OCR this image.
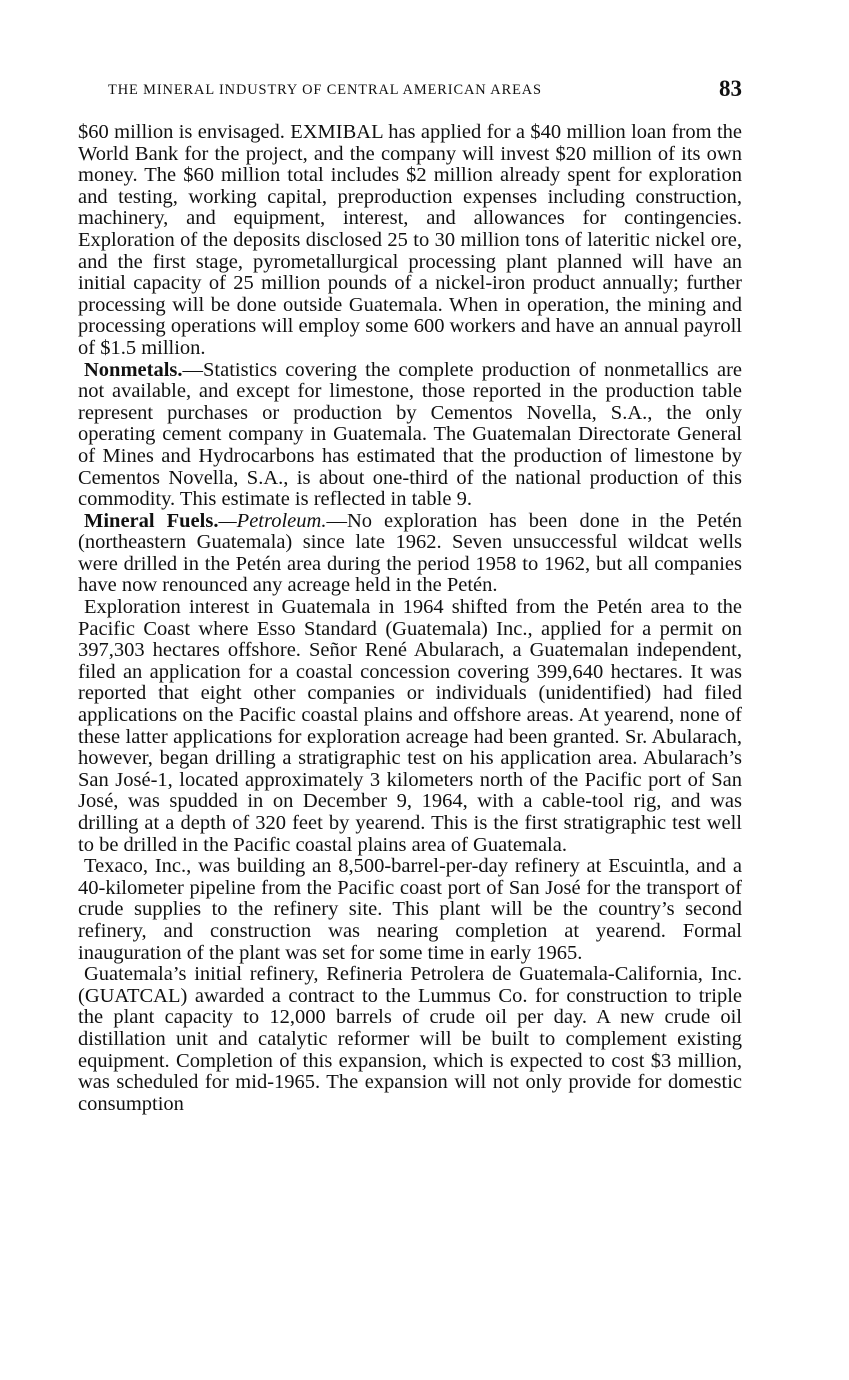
THE MINERAL INDUSTRY OF CENTRAL AMERICAN AREAS	83

$60 million is envisaged. EXMIBAL has applied for a $40 million loan from the World Bank for the project, and the company will invest $20 million of its own money. The $60 million total includes $2 million already spent for exploration and testing, working capital, preproduction expenses including construction, machinery, and equipment, interest, and allowances for contingencies. Exploration of the deposits disclosed 25 to 30 million tons of lateritic nickel ore, and the first stage, pyrometallurgical processing plant planned will have an initial capacity of 25 million pounds of a nickel-iron product annually; further processing will be done outside Guatemala. When in operation, the mining and processing operations will employ some 600 workers and have an annual payroll of $1.5 million.

Nonmetals.—Statistics covering the complete production of nonmetallics are not available, and except for limestone, those reported in the production table represent purchases or production by Cementos Novella, S.A., the only operating cement company in Guatemala. The Guatemalan Directorate General of Mines and Hydrocarbons has estimated that the production of limestone by Cementos Novella, S.A., is about one-third of the national production of this commodity. This estimate is reflected in table 9.

Mineral Fuels.—Petroleum.—No exploration has been done in the Petén (northeastern Guatemala) since late 1962. Seven unsuccessful wildcat wells were drilled in the Petén area during the period 1958 to 1962, but all companies have now renounced any acreage held in the Petén.

Exploration interest in Guatemala in 1964 shifted from the Petén area to the Pacific Coast where Esso Standard (Guatemala) Inc., applied for a permit on 397,303 hectares offshore. Señor René Abularach, a Guatemalan independent, filed an application for a coastal concession covering 399,640 hectares. It was reported that eight other companies or individuals (unidentified) had filed applications on the Pacific coastal plains and offshore areas. At yearend, none of these latter applications for exploration acreage had been granted. Sr. Abularach, however, began drilling a stratigraphic test on his application area. Abularach’s San José-1, located approximately 3 kilometers north of the Pacific port of San José, was spudded in on December 9, 1964, with a cable-tool rig, and was drilling at a depth of 320 feet by yearend. This is the first stratigraphic test well to be drilled in the Pacific coastal plains area of Guatemala.

Texaco, Inc., was building an 8,500-barrel-per-day refinery at Escuintla, and a 40-kilometer pipeline from the Pacific coast port of San José for the transport of crude supplies to the refinery site. This plant will be the country’s second refinery, and construction was nearing completion at yearend. Formal inauguration of the plant was set for some time in early 1965.

Guatemala’s initial refinery, Refineria Petrolera de Guatemala-California, Inc. (GUATCAL) awarded a contract to the Lummus Co. for construction to triple the plant capacity to 12,000 barrels of crude oil per day. A new crude oil distillation unit and catalytic reformer will be built to complement existing equipment. Completion of this expansion, which is expected to cost $3 million, was scheduled for mid-1965. The expansion will not only provide for domestic consumption
